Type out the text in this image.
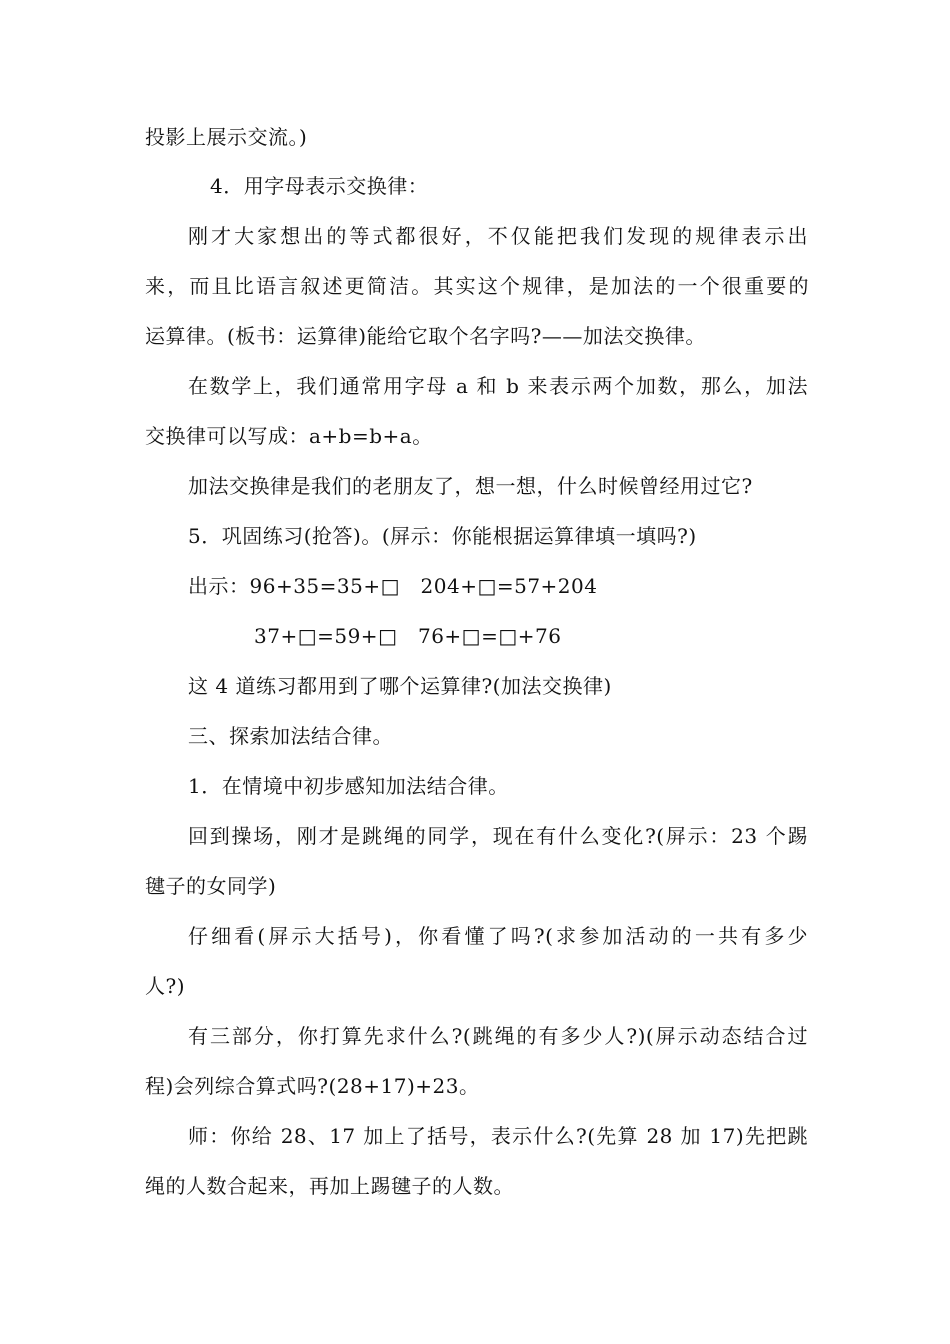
投影上展示交流。)
4．用字母表示交换律：
刚才大家想出的等式都很好，不仅能把我们发现的规律表示出
来，而且比语言叙述更简洁。其实这个规律，是加法的一个很重要的
运算律。(板书：运算律)能给它取个名字吗?——加法交换律。
在数学上，我们通常用字母 a 和 b 来表示两个加数，那么，加法
交换律可以写成：a+b=b+a。
加法交换律是我们的老朋友了，想一想，什么时候曾经用过它?
5．巩固练习(抢答)。(屏示：你能根据运算律填一填吗?)
出示：96+35=35+□　204+□=57+204
37+□=59+□　76+□=□+76
这 4 道练习都用到了哪个运算律?(加法交换律)
三、探索加法结合律。
1．在情境中初步感知加法结合律。
回到操场，刚才是跳绳的同学，现在有什么变化?(屏示：23 个踢
毽子的女同学)
仔细看(屏示大括号)，你看懂了吗?(求参加活动的一共有多少
人?)
有三部分，你打算先求什么?(跳绳的有多少人?)(屏示动态结合过
程)会列综合算式吗?(28+17)+23。
师：你给 28、17 加上了括号，表示什么?(先算 28 加 17)先把跳
绳的人数合起来，再加上踢毽子的人数。
